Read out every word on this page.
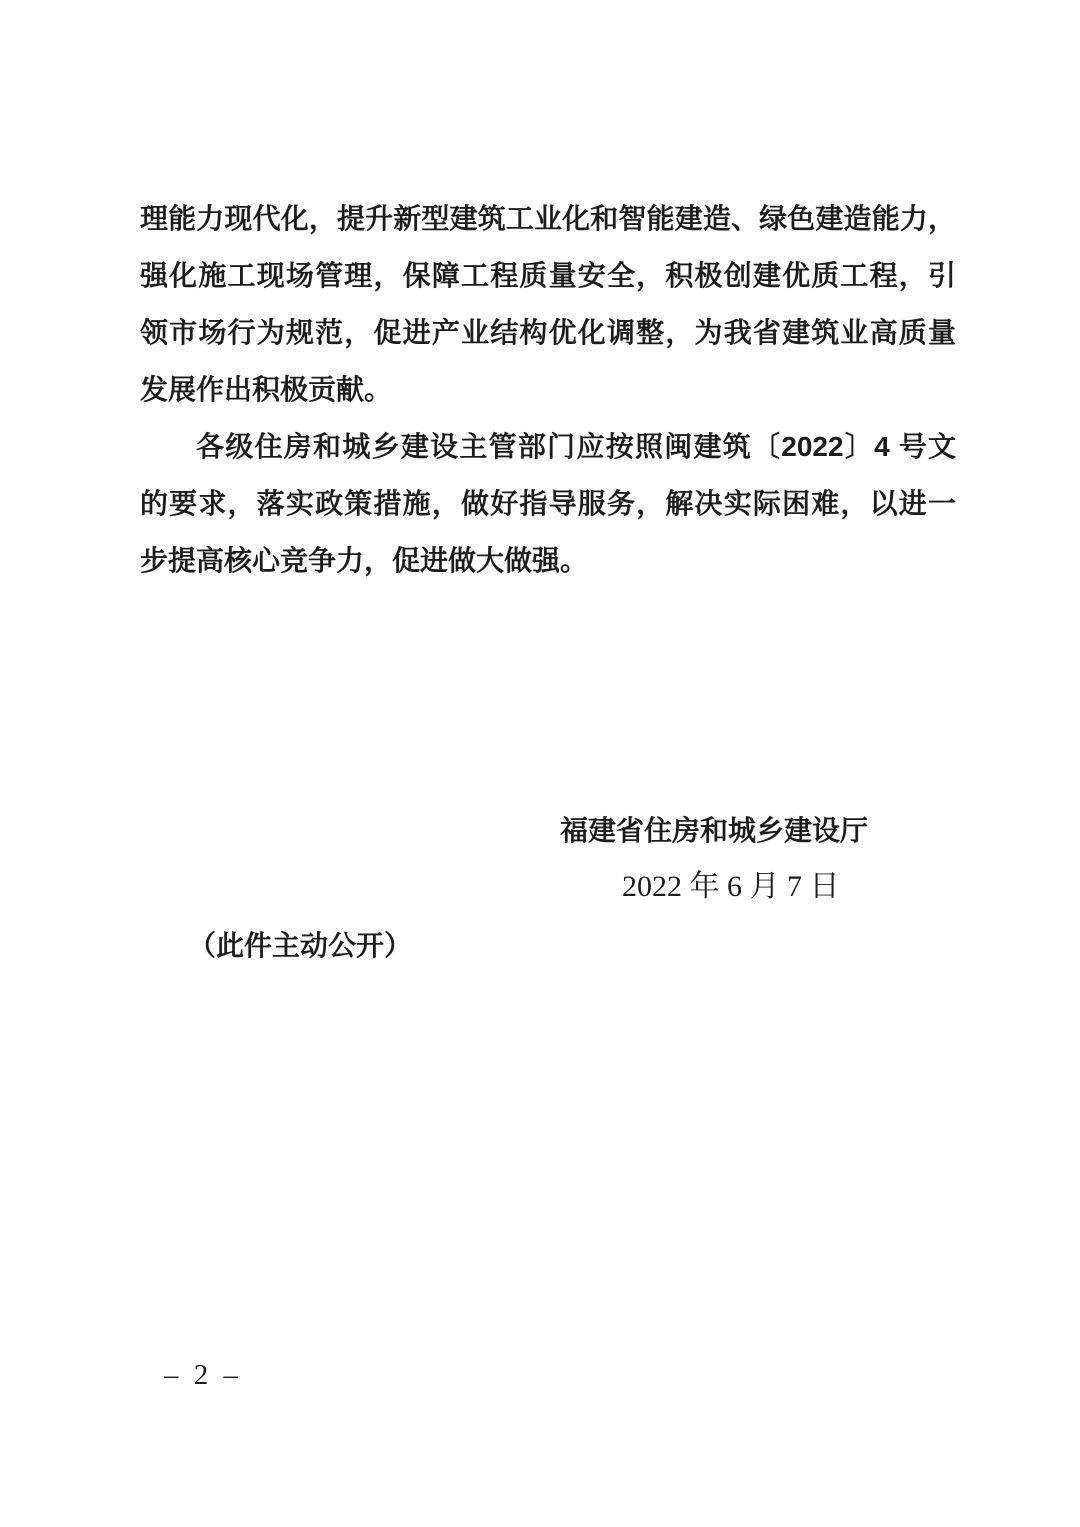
理能力现代化，提升新型建筑工业化和智能建造、绿色建造能力，
强化施工现场管理，保障工程质量安全，积极创建优质工程，引
领市场行为规范，促进产业结构优化调整，为我省建筑业高质量
发展作出积极贡献。
各级住房和城乡建设主管部门应按照闽建筑〔2022〕4 号文
的要求，落实政策措施，做好指导服务，解决实际困难，以进一
步提高核心竞争力，促进做大做强。
福建省住房和城乡建设厅
2022 年 6 月 7 日
（此件主动公开）
– 2 –
